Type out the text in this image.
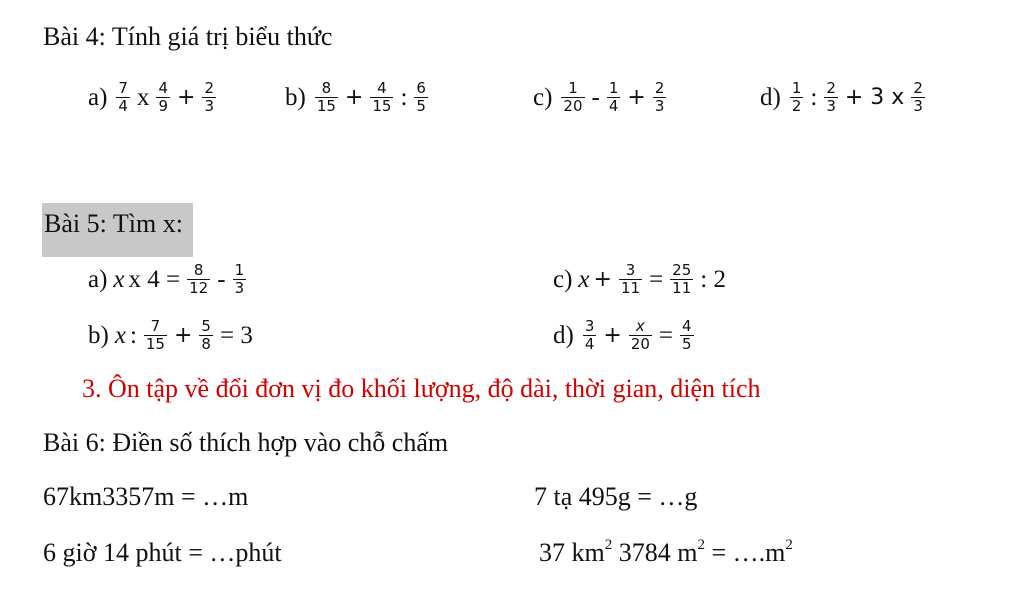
Bài 4: Tính giá trị biểu thức
$a) \frac{7}{4}$ x $\frac{4}{9} + \frac{2}{3}$	$b) \frac{8}{15} + \frac{4}{15}$ : $\frac{6}{5}$	$c) \frac{1}{20} - \frac{1}{4} + \frac{2}{3}$	$d) \frac{1}{2}$ : $\frac{2}{3} + 3$ x $\frac{2}{3}$
Bài 5: Tìm x:
a) x x $4 = \frac{8}{12} - \frac{1}{3}$
b) x : $\frac{7}{15} + \frac{5}{8} = 3$
c) $x + \frac{3}{11} = \frac{25}{11}$ : 2
$d) \frac{3}{4} + \frac{x}{20} = \frac{4}{5}$
3. Ôn tập về đổi đơn vị đo khối lượng, độ dài, thời gian, diện tích
Bài 6: Điền số thích hợp vào chỗ chấm
67km3357m = …m	7 tạ 495g = …g
6 giờ 14 phút = …phút	37 $km^2$ 3784 $m^2$ = $\dots.m^2$
